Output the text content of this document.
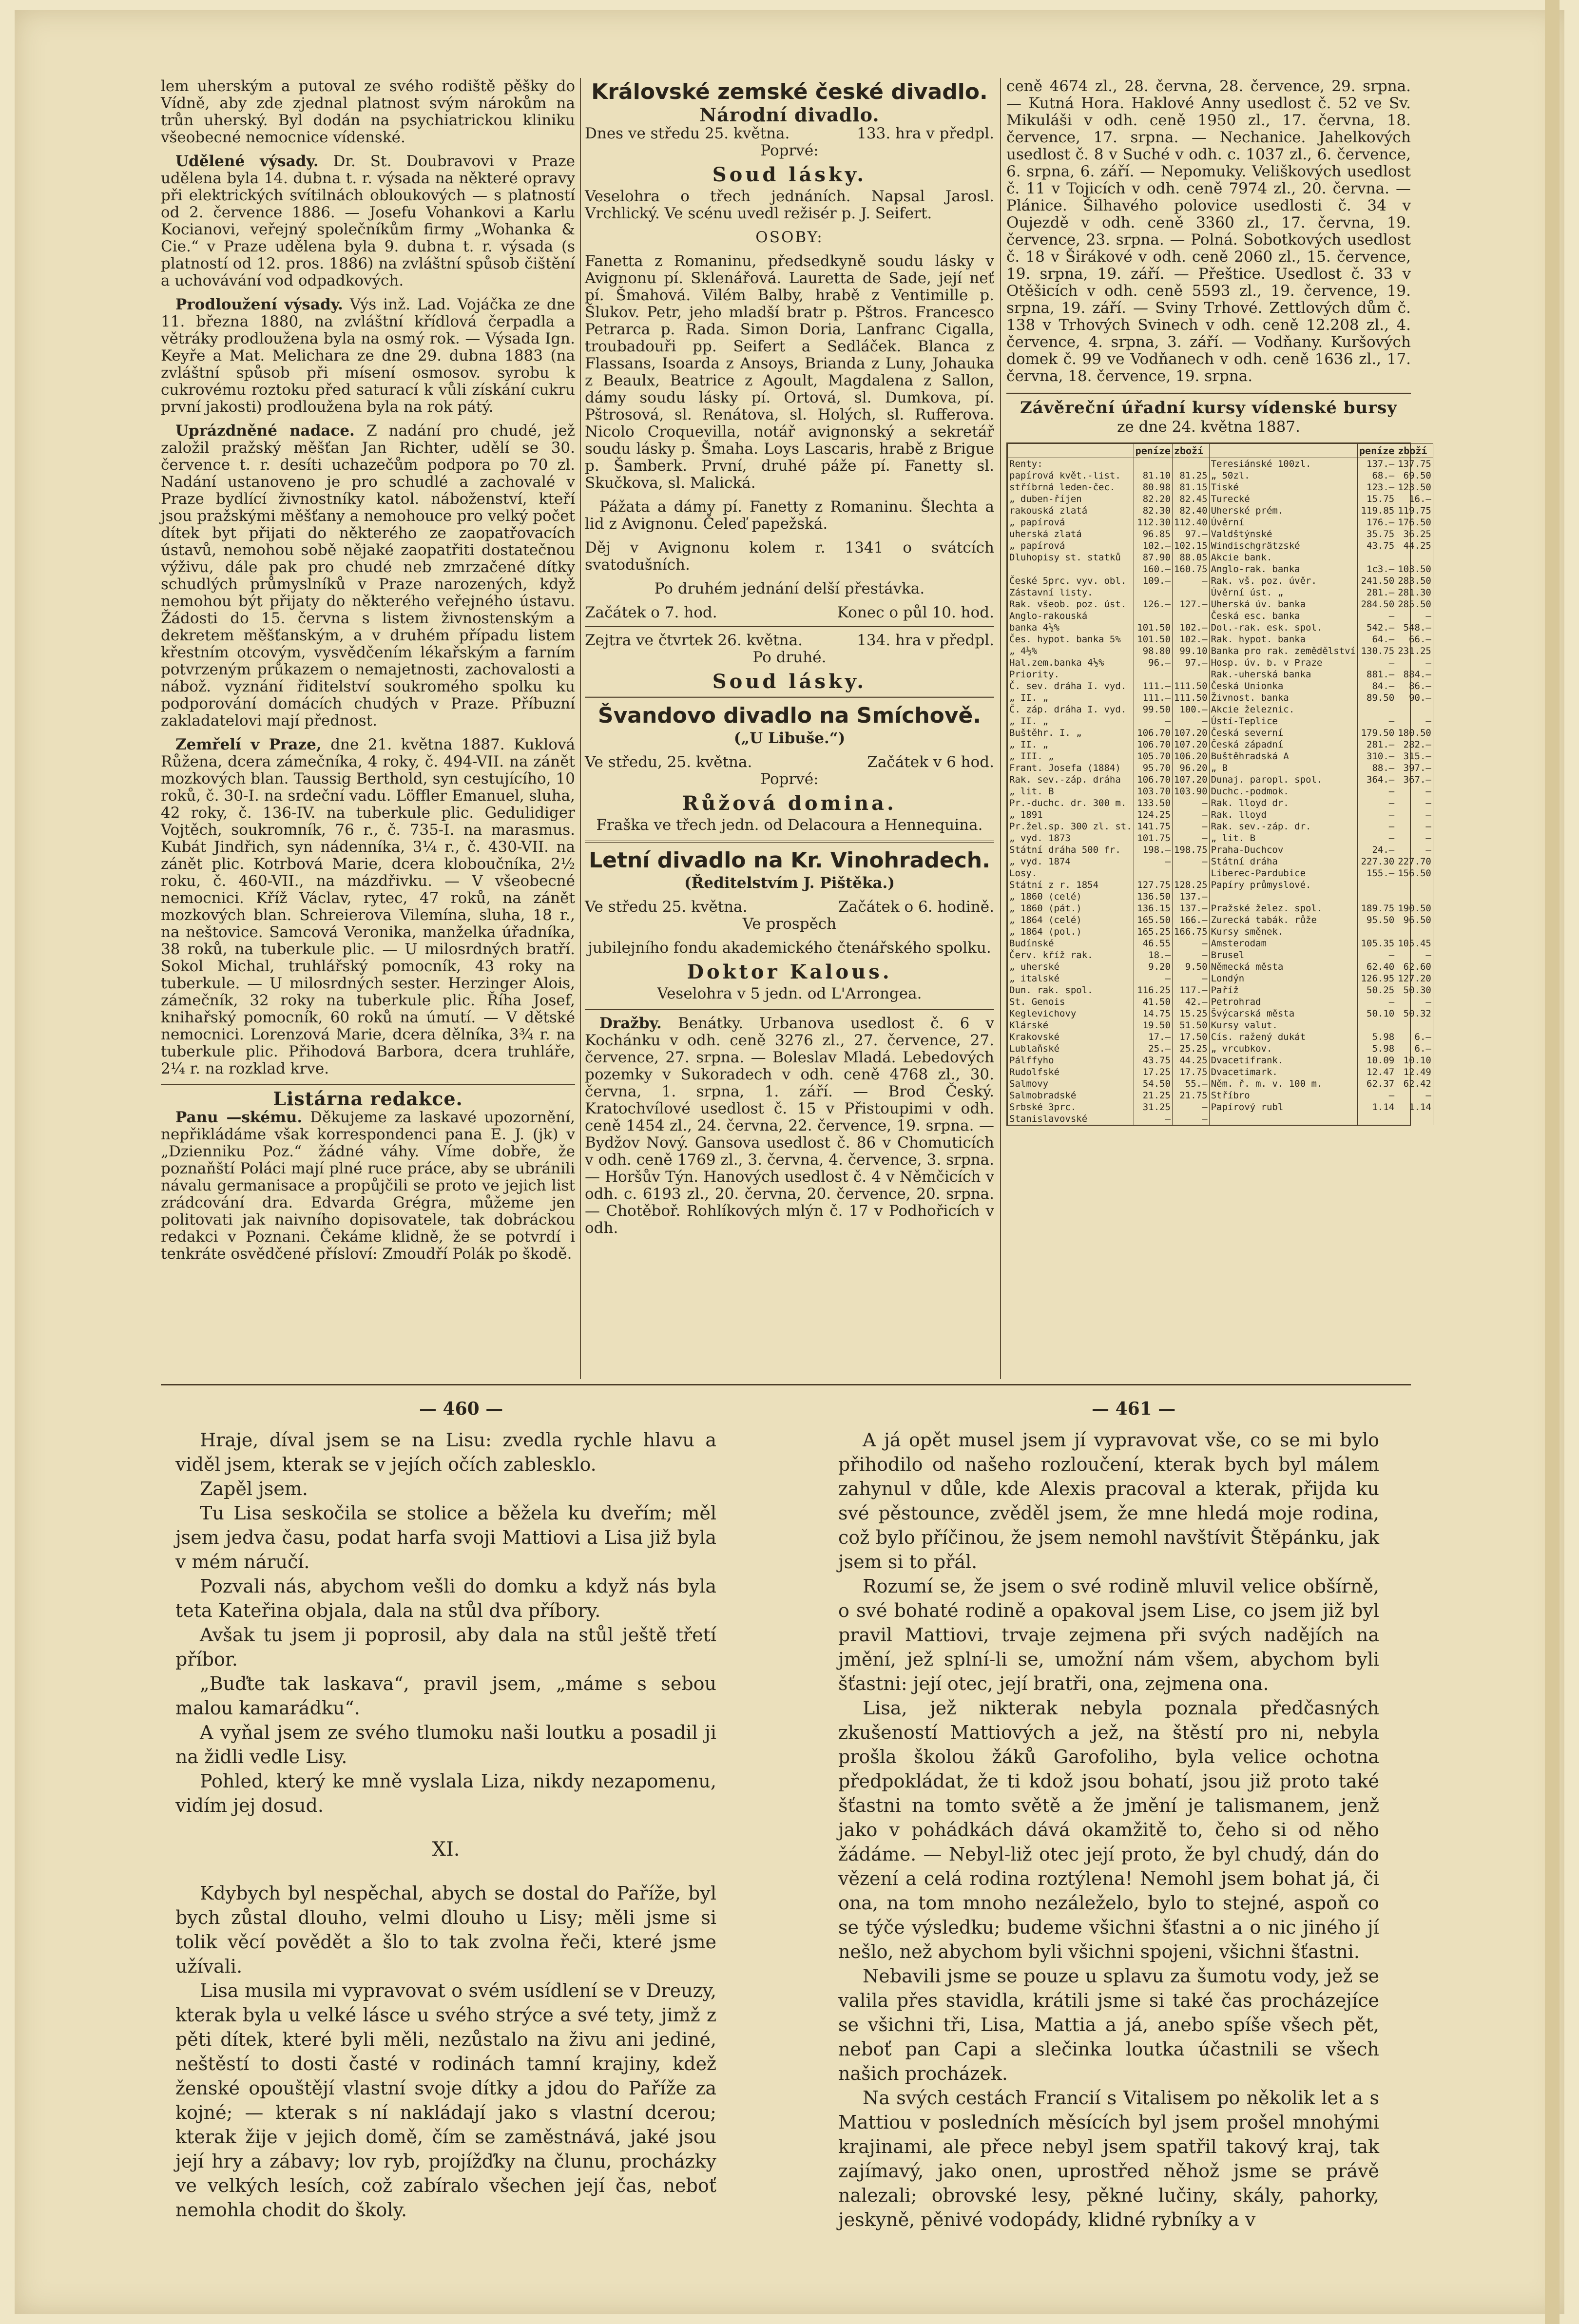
lem uherským a putoval ze svého rodiště pěšky do Vídně, aby zde zjednal platnost svým nárokům na trůn uherský. Byl dodán na psychiatrickou kliniku všeobecné nemocnice vídenské.

Udělené výsady. Dr. St. Doubravovi v Praze udělena byla 14. dubna t. r. výsada na některé opravy při elektrických svítilnách obloukových — s platností od 2. července 1886. — Josefu Vohankovi a Karlu Kocianovi, veřejný společníkům firmy „Wohanka & Cie.“ v Praze udělena byla 9. dubna t. r. výsada (s platností od 12. pros. 1886) na zvláštní spůsob čištění a uchovávání vod odpadkových.

Prodloužení výsady. Výs inž. Lad. Vojáčka ze dne 11. března 1880, na zvláštní křídlová čerpadla a větráky prodloužena byla na osmý rok. — Výsada Ign. Keyře a Mat. Melichara ze dne 29. dubna 1883 (na zvláštní spůsob při mísení osmosov. syrobu k cukrovému roztoku před saturací k vůli získání cukru první jakosti) prodloužena byla na rok pátý.

Uprázdněné nadace. Z nadání pro chudé, jež založil pražský měšťan Jan Richter, udělí se 30. července t. r. desíti uchazečům podpora po 70 zl. Nadání ustanoveno je pro schudlé a zachovalé v Praze bydlící živnostníky katol. náboženství, kteří jsou pražskými měšťany a nemohouce pro velký počet dítek byt přijati do některého ze zaopatřovacích ústavů, nemohou sobě nějaké zaopatřiti dostatečnou výživu, dále pak pro chudé neb zmrzačené dítky schudlých průmyslníků v Praze narozených, když nemohou být přijaty do některého veřejného ústavu. Žádosti do 15. června s listem živnostenským a dekretem měšťanským, a v druhém případu listem křestním otcovým, vysvědčením lékařským a farním potvrzeným průkazem o nemajetnosti, zachovalosti a nábož. vyznání řiditelství soukromého spolku ku podporování domácích chudých v Praze. Příbuzní zakladatelovi mají přednost.

Zemřelí v Praze, dne 21. května 1887. Kuklová Růžena, dcera zámečníka, 4 roky, č. 494-VII. na zánět mozkových blan. Taussig Berthold, syn cestujícího, 10 roků, č. 30-I. na srdeční vadu. Löffler Emanuel, sluha, 42 roky, č. 136-IV. na tuberkule plic. Gedulidiger Vojtěch, soukromník, 76 r., č. 735-I. na marasmus. Kubát Jindřich, syn nádenníka, 3¼ r., č. 430-VII. na zánět plic. Kotrbová Marie, dcera kloboučníka, 2½ roku, č. 460-VII., na mázdřivku. — V všeobecné nemocnici. Kříž Václav, rytec, 47 roků, na zánět mozkových blan. Schreierova Vilemína, sluha, 18 r., na neštovice. Samcová Veronika, manželka úřadníka, 38 roků, na tuberkule plic. — U milosrdných bratří. Sokol Michal, truhlářský pomocník, 43 roky na tuberkule. — U milosrdných sester. Herzinger Alois, zámečník, 32 roky na tuberkule plic. Říha Josef, knihařský pomocník, 60 roků na úmutí. — V dětské nemocnici. Lorenzová Marie, dcera dělníka, 3¾ r. na tuberkule plic. Přihodová Barbora, dcera truhláře, 2¼ r. na rozklad krve.

Listárna redakce.

Panu —skému. Děkujeme za laskavé upozornění, nepřikládáme však korrespondenci pana E. J. (jk) v „Dzienniku Poz.“ žádné váhy. Víme dobře, že poznaňští Poláci mají plné ruce práce, aby se ubránili návalu germanisace a propůjčili se proto ve jejich list zrádcování dra. Edvarda Grégra, můžeme jen politovati jak naivního dopisovatele, tak dobráckou redakci v Poznani. Čekáme klidně, že se potvrdí i tenkráte osvědčené přísloví: Zmoudří Polák po škodě.

Královské zemské české divadlo.
Národní divadlo.
Dnes ve středu 25. května.	133. hra v předpl.

Poprvé:

Soud lásky.

Veselohra o třech jednáních. Napsal Jarosl. Vrchlický. Ve scénu uvedl režisér p. J. Seifert.

OSOBY:

Fanetta z Romaninu, předsedkyně soudu lásky v Avignonu pí. Sklenářová. Lauretta de Sade, její neť pí. Šmahová. Vilém Balby, hrabě z Ventimille p. Šlukov. Petr, jeho mladší bratr p. Pštros. Francesco Petrarca p. Rada. Simon Doria, Lanfranc Cigalla, troubadouři pp. Seifert a Sedláček. Blanca z Flassans, Isoarda z Ansoys, Brianda z Luny, Johauka z Beaulx, Beatrice z Agoult, Magdalena z Sallon, dámy soudu lásky pí. Ortová, sl. Dumkova, pí. Pštrosová, sl. Renátova, sl. Holých, sl. Rufferova. Nicolo Croquevilla, notář avignonský a sekretář soudu lásky p. Šmaha. Loys Lascaris, hrabě z Brigue p. Šamberk. První, druhé páže pí. Fanetty sl. Skučkova, sl. Malická.

Pážata a dámy pí. Fanetty z Romaninu. Šlechta a lid z Avignonu. Čeleď papežská.

Děj v Avignonu kolem r. 1341 o svátcích svatodušních.

Po druhém jednání delší přestávka.

Začátek o 7. hod.	Konec o půl 10. hod.
Zejtra ve čtvrtek 26. května.	134. hra v předpl.

Po druhé.

Soud lásky.
Švandovo divadlo na Smíchově.

(„U Libuše.“)

Ve středu, 25. května.	Začátek v 6 hod.

Poprvé:

Růžová domina.

Fraška ve třech jedn. od Delacoura a Hennequina.

Letní divadlo na Kr. Vinohradech.

(Ředitelstvím J. Pištěka.)

Ve středu 25. května.	Začátek o 6. hodině.

Ve prospěch

jubilejního fondu akademického čtenářského spolku.

Doktor Kalous.

Veselohra v 5 jedn. od L'Arrongea.

Dražby. Benátky. Urbanova usedlost č. 6 v Kochánku v odh. ceně 3276 zl., 27. července, 27. července, 27. srpna. — Boleslav Mladá. Lebedových pozemky v Sukoradech v odh. ceně 4768 zl., 30. června, 1. srpna, 1. září. — Brod Český. Kratochvílové usedlost č. 15 v Přistoupimi v odh. ceně 1454 zl., 24. června, 22. července, 19. srpna. — Bydžov Nový. Gansova usedlost č. 86 v Chomuticích v odh. ceně 1769 zl., 3. června, 4. července, 3. srpna. — Horšův Týn. Hanových usedlost č. 4 v Němčicích v odh. c. 6193 zl., 20. června, 20. července, 20. srpna. — Chotěboř. Rohlíkových mlýn č. 17 v Podhořicích v odh.

ceně 4674 zl., 28. června, 28. července, 29. srpna. — Kutná Hora. Haklové Anny usedlost č. 52 ve Sv. Mikuláši v odh. ceně 1950 zl., 17. června, 18. července, 17. srpna. — Nechanice. Jahelkových usedlost č. 8 v Suché v odh. c. 1037 zl., 6. července, 6. srpna, 6. září. — Nepomuky. Veliškových usedlost č. 11 v Tojicích v odh. ceně 7974 zl., 20. června. — Plánice. Šilhavého polovice usedlosti č. 34 v Oujezdě v odh. ceně 3360 zl., 17. června, 19. července, 23. srpna. — Polná. Sobotkových usedlost č. 18 v Širákové v odh. ceně 2060 zl., 15. července, 19. srpna, 19. září. — Přeštice. Usedlost č. 33 v Otěšicích v odh. ceně 5593 zl., 19. července, 19. srpna, 19. září. — Sviny Trhové. Zettlových dům č. 138 v Trhových Svinech v odh. ceně 12.208 zl., 4. července, 4. srpna, 3. září. — Vodňany. Kuršových domek č. 99 ve Vodňanech v odh. ceně 1636 zl., 17. června, 18. července, 19. srpna.

Závěreční úřadní kursy vídenské bursy

ze dne 24. května 1887.

	peníze	zboží		peníze	zboží
Renty:			Teresiánské 100zl.	137.—	137.75
papírová květ.-list.	81.10	81.25	„ 50zl.	68.—	69.50
stříbrná leden-čec.	80.98	81.15	Tiské	123.—	123.50
„ duben-říjen	82.20	82.45	Turecké	15.75	16.—
rakouská zlatá	82.30	82.40	Uherské prém.	119.85	119.75
„ papírová	112.30	112.40	Úvěrní	176.—	176.50
uherská zlatá	96.85	97.—	Valdštýnské	35.75	36.25
„ papírová	102.—	102.15	Windischgrätzské	43.75	44.25
Dluhopisy st. statků	87.90	88.05	Akcie bank.		
	160.—	160.75	Anglo-rak. banka	1c3.—	103.50
České 5prc. vyv. obl.	109.—	—	Rak. vš. poz. úvěr.	241.50	283.50
Zástavní listy.			Úvěrní úst. „	281.—	281.30
Rak. všeob. poz. úst.	126.—	127.—	Uherská úv. banka	284.50	285.50
Anglo-rakouská			Česká esc. banka	—	—
banka 4½%	101.50	102.—	Dol.-rak. esk. spol.	542.—	548.—
Čes. hypot. banka 5%	101.50	102.—	Rak. hypot. banka	64.—	66.—
„ 4½%	98.80	99.10	Banka pro rak. zemědělství	130.75	231.25
Hal.zem.banka 4½%	96.—	97.—	Hosp. úv. b. v Praze	—	—
Priority.			Rak.-uherská banka	881.—	884.—
Č. sev. dráha I. vyd.	111.—	111.50	Česká Unionka	84.—	86.—
„ II. „	111.—	111.50	Živnost. banka	89.50	90.—
Č. záp. dráha I. vyd.	99.50	100.—	Akcie železnic.		
„ II. „	—	—	Ústí-Teplice	—	—
Buštěhr. I. „	106.70	107.20	Česká severní	179.50	180.50
„ II. „	106.70	107.20	Česká západní	281.—	282.—
„ III. „	105.70	106.20	Buštěhradská A	310.—	315.—
Frant. Josefa (1884)	95.70	96.20	„ B	88.—	397.—
Rak. sev.-záp. dráha	106.70	107.20	Dunaj. paropl. spol.	364.—	367.—
„ lit. B	103.70	103.90	Duchc.-podmok.	—	—
Pr.-duchc. dr. 300 m.	133.50	—	Rak. lloyd dr.	—	—
„ 1891	124.25	—	Rak. lloyd	—	—
Pr.žel.sp. 300 zl. st.	141.75	—	Rak. sev.-záp. dr.	—	—
„ vyd. 1873	101.75	—	„ lit. B	—	—
Státní dráha 500 fr.	198.—	198.75	Praha-Duchcov	24.—	—
„ vyd. 1874	—	—	Státní dráha	227.30	227.70
Losy.			Liberec-Pardubice	155.—	156.50
Státní z r. 1854	127.75	128.25	Papíry průmyslové.		
„ 1860 (celé)	136.50	137.—			
„ 1860 (pát.)	136.15	137.—	Pražské želez. spol.	189.75	190.50
„ 1864 (celé)	165.50	166.—	Zurecká tabák. růže	95.50	96.50
„ 1864 (pol.)	165.25	166.75	Kursy směnek.		
Budínské	46.55	—	Amsterodam	105.35	105.45
Červ. kříž rak.	18.—	—	Brusel	—	—
„ uherské	9.20	9.50	Německá města	62.40	62.60
„ italské	—	—	Londýn	126.95	127.20
Dun. rak. spol.	116.25	117.—	Paříž	50.25	50.30
St. Genois	41.50	42.—	Petrohrad	—	—
Keglevichovy	14.75	15.25	Švýcarská města	50.10	50.32
Klárské	19.50	51.50	Kursy valut.		
Krakovské	17.—	17.50	Cís. ražený dukát	5.98	6.—
Lublaňské	25.—	25.25	„ vrcubkov.	5.98	6.—
Pálffyho	43.75	44.25	Dvacetifrank.	10.09	10.10
Rudolfské	17.25	17.75	Dvacetimark.	12.47	12.49
Salmovy	54.50	55.—	Něm. ř. m. v. 100 m.	62.37	62.42
Salmobradské	21.25	21.75	Stříbro	—	—
Srbské 3prc.	31.25	—	Papírový rubl	1.14	1.14
Stanislavovské	—	—			
— 460 —	— 461 —

Hraje, díval jsem se na Lisu: zvedla rychle hlavu a viděl jsem, kterak se v jejích očích zablesklo.

Zapěl jsem.

Tu Lisa seskočila se stolice a běžela ku dveřím; měl jsem jedva času, podat harfa svoji Mattiovi a Lisa již byla v mém náručí.

Pozvali nás, abychom vešli do domku a když nás byla teta Kateřina objala, dala na stůl dva příbory.

Avšak tu jsem ji poprosil, aby dala na stůl ještě třetí příbor.

„Buďte tak laskava“, pravil jsem, „máme s sebou malou kamarádku“.

A vyňal jsem ze svého tlumoku naši loutku a posadil ji na židli vedle Lisy.

Pohled, který ke mně vyslala Liza, nikdy nezapomenu, vidím jej dosud.

XI.

Kdybych byl nespěchal, abych se dostal do Paříže, byl bych zůstal dlouho, velmi dlouho u Lisy; měli jsme si tolik věcí povědět a šlo to tak zvolna řeči, které jsme užívali.

Lisa musila mi vypravovat o svém usídlení se v Dreuzy, kterak byla u velké lásce u svého strýce a své tety, jimž z pěti dítek, které byli měli, nezůstalo na živu ani jediné, neštěstí to dosti časté v rodinách tamní krajiny, kdež ženské opouštějí vlastní svoje dítky a jdou do Paříže za kojné; — kterak s ní nakládají jako s vlastní dcerou; kterak žije v jejich domě, čím se zaměstnává, jaké jsou její hry a zábavy; lov ryb, projížďky na člunu, procházky ve velkých lesích, což zabíralo všechen její čas, neboť nemohla chodit do školy.

A já opět musel jsem jí vypravovat vše, co se mi bylo přihodilo od našeho rozloučení, kterak bych byl málem zahynul v důle, kde Alexis pracoval a kterak, přijda ku své pěstounce, zvěděl jsem, že mne hledá moje rodina, což bylo příčinou, že jsem nemohl navštívit Štěpánku, jak jsem si to přál.

Rozumí se, že jsem o své rodině mluvil velice obšírně, o své bohaté rodině a opakoval jsem Lise, co jsem již byl pravil Mattiovi, trvaje zejmena při svých nadějích na jmění, jež splní-li se, umožní nám všem, abychom byli šťastni: její otec, její bratři, ona, zejmena ona.

Lisa, jež nikterak nebyla poznala předčasných zkušeností Mattiových a jež, na štěstí pro ni, nebyla prošla školou žáků Garofoliho, byla velice ochotna předpokládat, že ti kdož jsou bohatí, jsou již proto také šťastni na tomto světě a že jmění je talismanem, jenž jako v pohádkách dává okamžitě to, čeho si od něho žádáme. — Nebyl-liž otec její proto, že byl chudý, dán do vězení a celá rodina roztýlena! Nemohl jsem bohat já, či ona, na tom mnoho nezáleželo, bylo to stejné, aspoň co se týče výsledku; budeme všichni šťastni a o nic jiného jí nešlo, než abychom byli všichni spojeni, všichni šťastni.

Nebavili jsme se pouze u splavu za šumotu vody, jež se valila přes stavidla, krátili jsme si také čas procházejíce se všichni tři, Lisa, Mattia a já, anebo spíše všech pět, neboť pan Capi a slečinka loutka účastnili se všech našich procházek.

Na svých cestách Francií s Vitalisem po několik let a s Mattiou v posledních měsících byl jsem prošel mnohými krajinami, ale přece nebyl jsem spatřil takový kraj, tak zajímavý, jako onen, uprostřed něhož jsme se právě nalezali; obrovské lesy, pěkné lučiny, skály, pahorky, jeskyně, pěnivé vodopády, klidné rybníky a v
